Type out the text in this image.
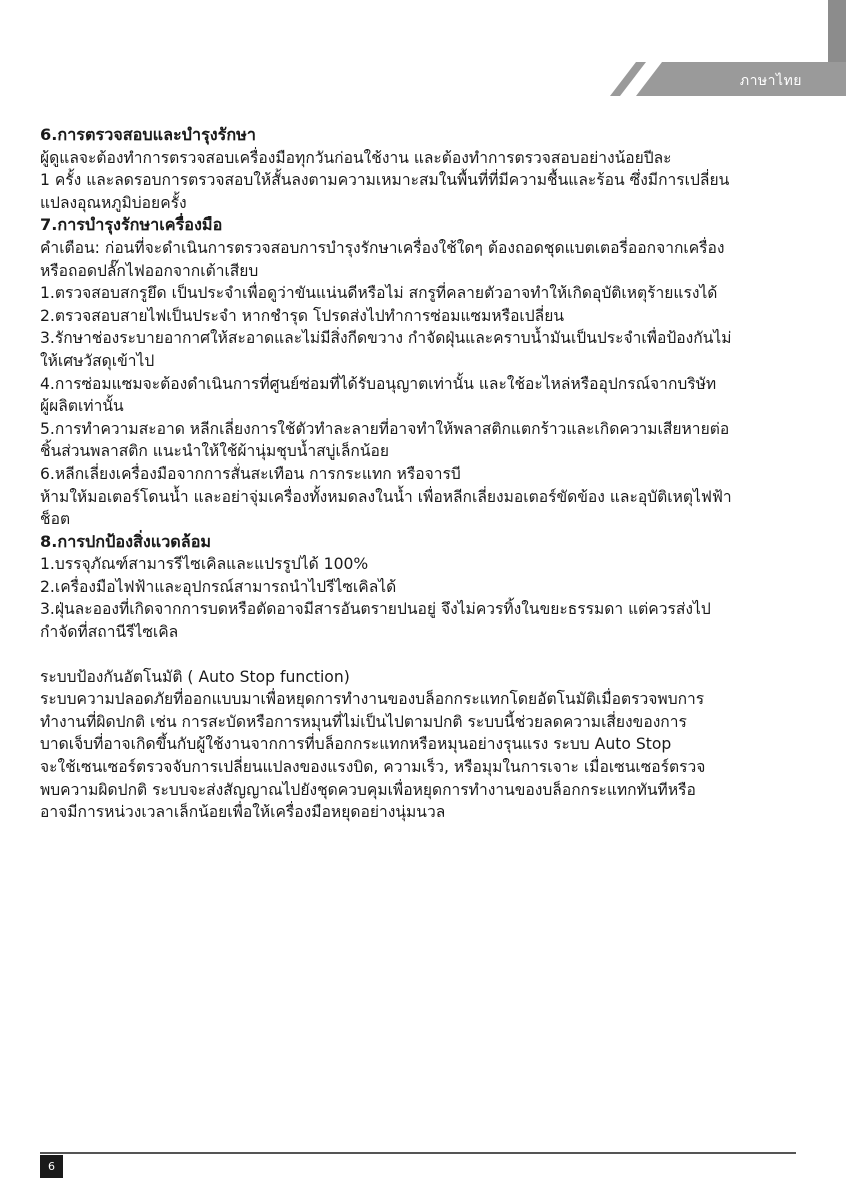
ภาษาไทย

6.การตรวจสอบและบำรุงรักษา

ผู้ดูแลจะต้องทำการตรวจสอบเครื่องมือทุกวันก่อนใช้งาน และต้องทำการตรวจสอบอย่างน้อยปีละ

1 ครั้ง และลดรอบการตรวจสอบให้สั้นลงตามความเหมาะสมในพื้นที่ที่มีความชื้นและร้อน ซึ่งมีการเปลี่ยน

แปลงอุณหภูมิบ่อยครั้ง

7.การบำรุงรักษาเครื่องมือ

คำเตือน: ก่อนที่จะดำเนินการตรวจสอบการบำรุงรักษาเครื่องใช้ใดๆ ต้องถอดชุดแบตเตอรี่ออกจากเครื่อง

หรือถอดปลั๊กไฟออกจากเต้าเสียบ

1.ตรวจสอบสกรูยึด เป็นประจำเพื่อดูว่าขันแน่นดีหรือไม่ สกรูที่คลายตัวอาจทำให้เกิดอุบัติเหตุร้ายแรงได้

2.ตรวจสอบสายไฟเป็นประจำ หากชำรุด โปรดส่งไปทำการซ่อมแซมหรือเปลี่ยน

3.รักษาช่องระบายอากาศให้สะอาดและไม่มีสิ่งกีดขวาง กำจัดฝุ่นและคราบน้ำมันเป็นประจำเพื่อป้องกันไม่

ให้เศษวัสดุเข้าไป

4.การซ่อมแซมจะต้องดำเนินการที่ศูนย์ซ่อมที่ได้รับอนุญาตเท่านั้น และใช้อะไหล่หรืออุปกรณ์จากบริษัท

ผู้ผลิตเท่านั้น

5.การทำความสะอาด หลีกเลี่ยงการใช้ตัวทำละลายที่อาจทำให้พลาสติกแตกร้าวและเกิดความเสียหายต่อ

ชิ้นส่วนพลาสติก แนะนำให้ใช้ผ้านุ่มชุบน้ำสบู่เล็กน้อย

6.หลีกเลี่ยงเครื่องมือจากการสั่นสะเทือน การกระแทก หรือจารบี

ห้ามให้มอเตอร์โดนน้ำ และอย่าจุ่มเครื่องทั้งหมดลงในน้ำ เพื่อหลีกเลี่ยงมอเตอร์ขัดข้อง และอุบัติเหตุไฟฟ้า

ช็อต

8.การปกป้องสิ่งแวดล้อม

1.บรรจุภัณฑ์สามารรีไซเคิลและแปรรูปได้ 100%

2.เครื่องมือไฟฟ้าและอุปกรณ์สามารถนำไปรีไซเคิลได้

3.ฝุ่นละอองที่เกิดจากการบดหรือตัดอาจมีสารอันตรายปนอยู่ จึงไม่ควรทิ้งในขยะธรรมดา แต่ควรส่งไป

กำจัดที่สถานีรีไซเคิล

ระบบป้องกันอัตโนมัติ ( Auto Stop function)

ระบบความปลอดภัยที่ออกแบบมาเพื่อหยุดการทำงานของบล็อกกระแทกโดยอัตโนมัติเมื่อตรวจพบการ

ทำงานที่ผิดปกติ เช่น การสะบัดหรือการหมุนที่ไม่เป็นไปตามปกติ ระบบนี้ช่วยลดความเสี่ยงของการ

บาดเจ็บที่อาจเกิดขึ้นกับผู้ใช้งานจากการที่บล็อกกระแทกหรือหมุนอย่างรุนแรง ระบบ Auto Stop

จะใช้เซนเซอร์ตรวจจับการเปลี่ยนแปลงของแรงบิด, ความเร็ว, หรือมุมในการเจาะ เมื่อเซนเซอร์ตรวจ

พบความผิดปกติ ระบบจะส่งสัญญาณไปยังชุดควบคุมเพื่อหยุดการทำงานของบล็อกกระแทกทันทีหรือ

อาจมีการหน่วงเวลาเล็กน้อยเพื่อให้เครื่องมือหยุดอย่างนุ่มนวล

6
